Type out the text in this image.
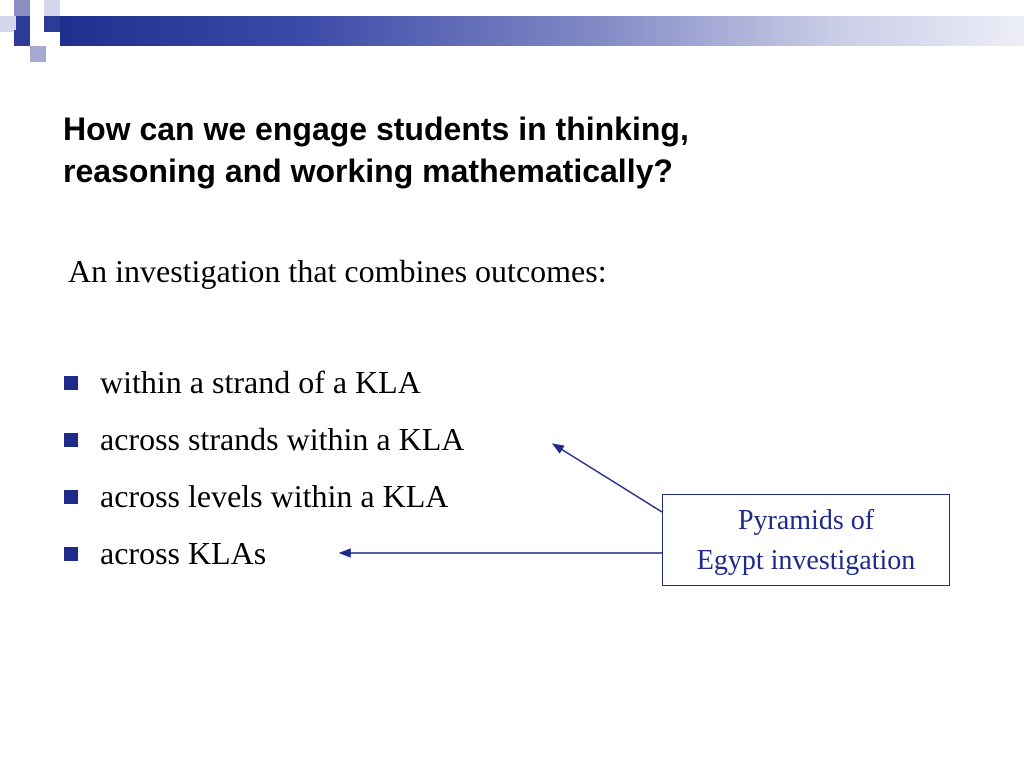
How can we engage students in thinking,
reasoning and working mathematically?
An investigation that combines outcomes:
within a strand of a KLA
across strands within a KLA
across levels within a KLA
across KLAs
Pyramids of
Egypt investigation
